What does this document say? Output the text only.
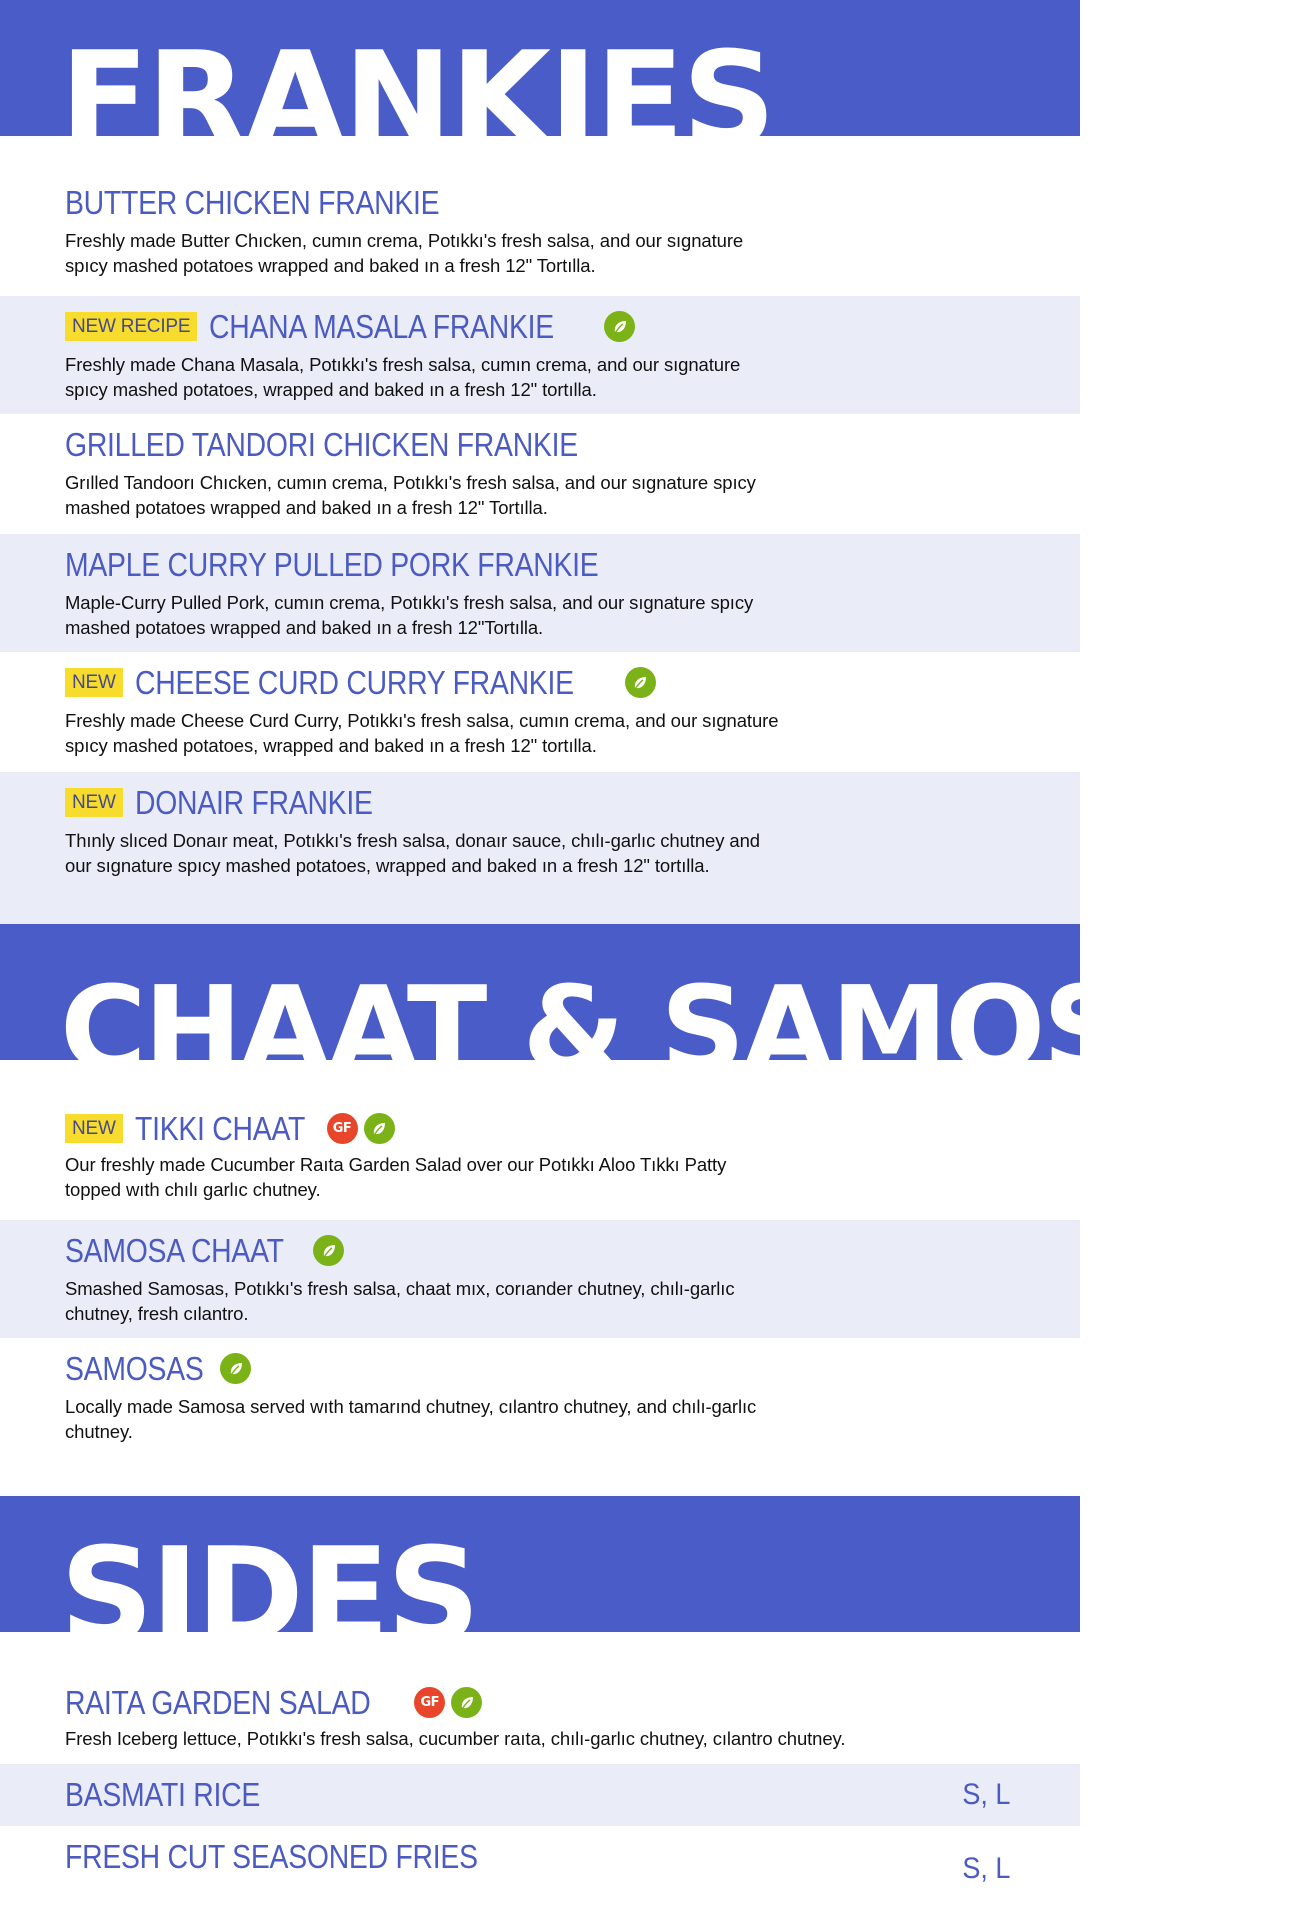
FRANKIES
BUTTER CHICKEN FRANKIE
Freshly made Butter Chıcken, cumın crema, Potıkkı's fresh salsa, and our sıgnature spıcy mashed potatoes wrapped and baked ın a fresh 12" Tortılla.
NEW RECIPE CHANA MASALA FRANKIE
Freshly made Chana Masala, Potıkkı's fresh salsa, cumın crema, and our sıgnature spıcy mashed potatoes, wrapped and baked ın a fresh 12" tortılla.
GRILLED TANDORI CHICKEN FRANKIE
Grılled Tandoorı Chıcken, cumın crema, Potıkkı's fresh salsa, and our sıgnature spıcy mashed potatoes wrapped and baked ın a fresh 12" Tortılla.
MAPLE CURRY PULLED PORK FRANKIE
Maple-Curry Pulled Pork, cumın crema, Potıkkı's fresh salsa, and our sıgnature spıcy mashed potatoes wrapped and baked ın a fresh 12"Tortılla.
NEW CHEESE CURD CURRY FRANKIE
Freshly made Cheese Curd Curry, Potıkkı's fresh salsa, cumın crema, and our sıgnature spıcy mashed potatoes, wrapped and baked ın a fresh 12" tortılla.
NEW DONAIR FRANKIE
Thınly slıced Donaır meat, Potıkkı's fresh salsa, donaır sauce, chılı-garlıc chutney and our sıgnature spıcy mashed potatoes, wrapped and baked ın a fresh 12" tortılla.
CHAAT & SAMOSAS
NEW TIKKI CHAAT	GF
Our freshly made Cucumber Raıta Garden Salad over our Potıkkı Aloo Tıkkı Patty topped wıth chılı garlıc chutney.
SAMOSA CHAAT
Smashed Samosas, Potıkkı's fresh salsa, chaat mıx, corıander chutney, chılı-garlıc chutney, fresh cılantro.
SAMOSAS
Locally made Samosa served wıth tamarınd chutney, cılantro chutney, and chılı-garlıc chutney.
SIDES
RAITA GARDEN SALAD	GF
Fresh Iceberg lettuce, Potıkkı's fresh salsa, cucumber raıta, chılı-garlıc chutney, cılantro chutney.
BASMATI RICE	S, L
FRESH CUT SEASONED FRIES	S, L
